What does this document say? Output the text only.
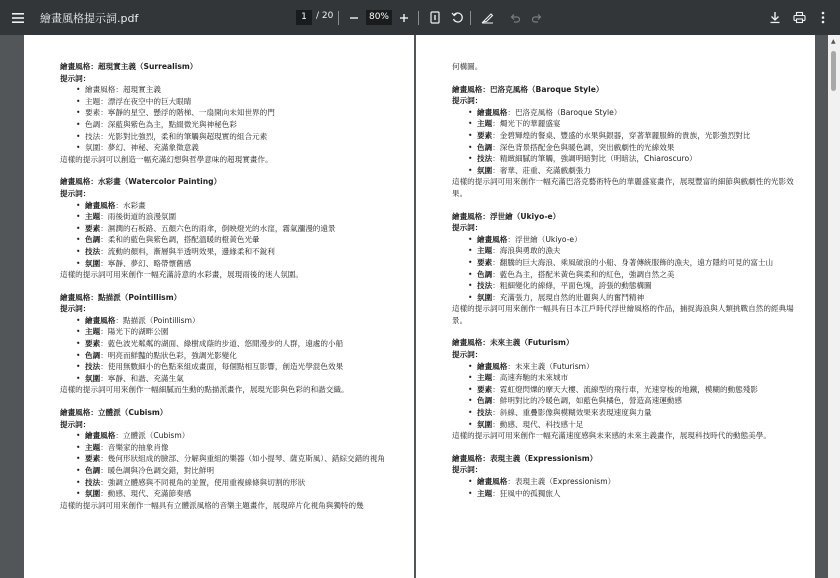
繪畫風格提示詞.pdf	1	/ 20	80%
繪畫風格：超現實主義（Surrealism）
提示詞：
• 繪畫風格：超現實主義
• 主題：漂浮在夜空中的巨大眼睛
• 要素：寧靜的星空、懸浮的階梯、一扇開向未知世界的門
• 色調：深藍與紫色為主，點綴微光與神秘色彩
• 技法：光影對比強烈，柔和的筆觸與超現實的組合元素
• 氛圍：夢幻、神秘、充滿象徵意義
這樣的提示詞可以創造一幅充滿幻想與哲學意味的超現實畫作。
繪畫風格：水彩畫（Watercolor Painting）
提示詞：
• 繪畫風格：水彩畫
• 主題：雨後街道的浪漫氛圍
• 要素：濕潤的石板路、五顏六色的雨傘，倒映燈光的水窪，霧氣瀰漫的遠景
• 色調：柔和的藍色與紫色調，搭配溫暖的橙黃色光暈
• 技法：流動的顏料，漸層與半透明效果，邊緣柔和不銳利
• 氛圍：寧靜、夢幻、略帶懷舊感
這樣的提示詞可用來創作一幅充滿詩意的水彩畫，展現雨後的迷人氛圍。
繪畫風格：點描派（Pointillism）
提示詞：
• 繪畫風格：點描派（Pointillism）
• 主題：陽光下的湖畔公園
• 要素：藍色波光粼粼的湖面、綠樹成蔭的步道、悠閒漫步的人群，遠處的小船
• 色調：明亮而鮮豔的點狀色彩，強調光影變化
• 技法：使用無數細小的色點來組成畫面，每個點相互影響，創造光學混色效果
• 氛圍：寧靜、和諧、充滿生氣
這樣的提示詞可用來創作一幅細膩而生動的點描派畫作，展現光影與色彩的和諧交織。
繪畫風格：立體派（Cubism）
提示詞：
• 繪畫風格：立體派（Cubism）
• 主題：音樂家的抽象肖像
• 要素：幾何形狀組成的臉部、分解與重組的樂器（如小提琴、薩克斯風）、錯綜交錯的視角
• 色調：暖色調與冷色調交錯，對比鮮明
• 技法：強調立體感與不同視角的並置，使用重複線條與切割的形狀
• 氛圍：動感、現代、充滿節奏感
這樣的提示詞可用來創作一幅具有立體派風格的音樂主題畫作，展現碎片化視角與獨特的幾
何構圖。
繪畫風格：巴洛克風格（Baroque Style）
提示詞：
• 繪畫風格：巴洛克風格（Baroque Style）
• 主題：燭光下的華麗盛宴
• 要素：金碧輝煌的餐桌、豐盛的水果與銀器，穿著華麗服飾的貴族，光影強烈對比
• 色調：深色背景搭配金色與暖色調，突出戲劇性的光線效果
• 技法：精緻細膩的筆觸，強調明暗對比（明暗法，Chiaroscuro）
• 氛圍：奢華、莊重、充滿戲劇張力
這樣的提示詞可用來創作一幅充滿巴洛克藝術特色的華麗盛宴畫作，展現豐富的細節與戲劇性的光影效果。
繪畫風格：浮世繪（Ukiyo-e）
提示詞：
• 繪畫風格：浮世繪（Ukiyo-e）
• 主題：海浪與勇敢的漁夫
• 要素：翻騰的巨大海浪、乘風破浪的小船、身著傳統服飾的漁夫，遠方隱約可見的富士山
• 色調：藍色為主，搭配米黃色與柔和的紅色，強調自然之美
• 技法：粗細變化的線條，平面色塊，誇張的動態構圖
• 氛圍：充滿張力，展現自然的壯麗與人的奮鬥精神
這樣的提示詞可用來創作一幅具有日本江戶時代浮世繪風格的作品，捕捉海浪與人類挑戰自然的經典場景。
繪畫風格：未來主義（Futurism）
提示詞：
• 繪畫風格：未來主義（Futurism）
• 主題：高速奔馳的未來城市
• 要素：霓虹燈閃爍的摩天大樓、流線型的飛行車，光速穿梭的地鐵，模糊的動態殘影
• 色調：鮮明對比的冷暖色調，如藍色與橘色，營造高速運動感
• 技法：斜線、重疊影像與模糊效果來表現速度與力量
• 氛圍：動感、現代、科技感十足
這樣的提示詞可用來創作一幅充滿速度感與未來感的未來主義畫作，展現科技時代的動態美學。
繪畫風格：表現主義（Expressionism）
提示詞：
• 繪畫風格：表現主義（Expressionism）
• 主題：狂風中的孤獨旅人
▲
